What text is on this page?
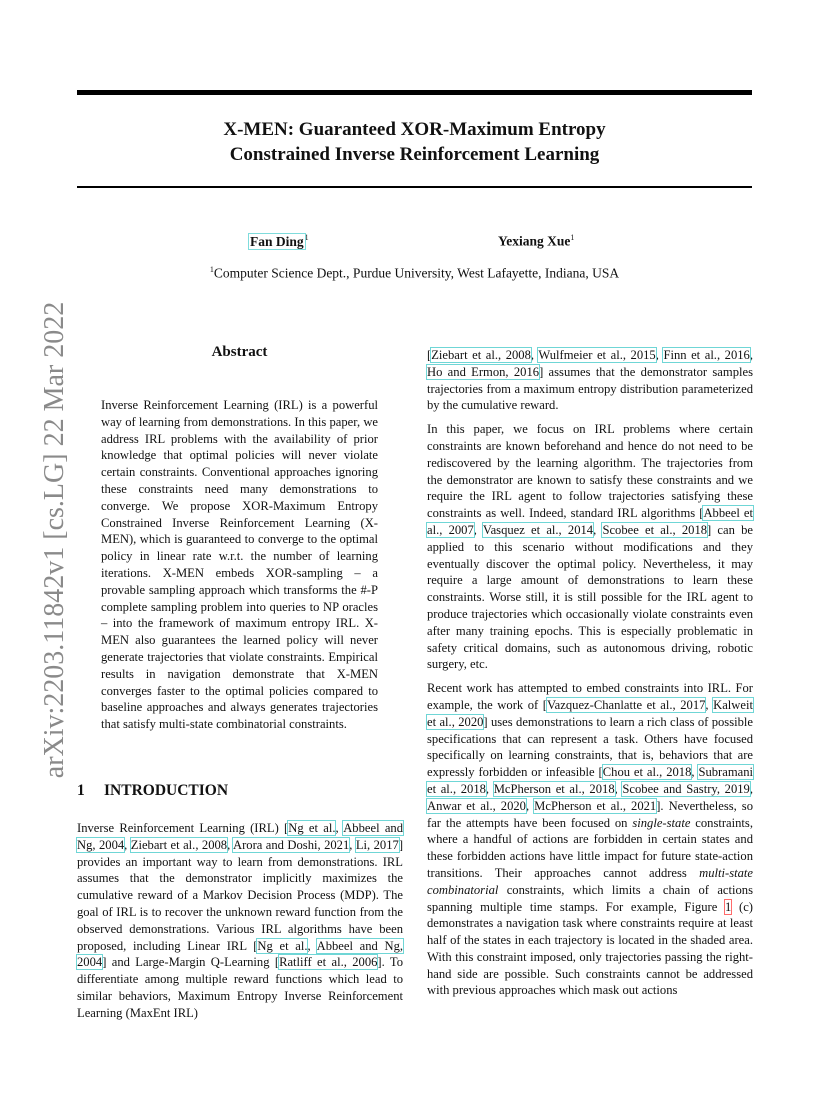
X-MEN: Guaranteed XOR-Maximum Entropy
Constrained Inverse Reinforcement Learning
Fan Ding$^1$	Yexiang Xue$^1$
$^1$Computer Science Dept., Purdue University, West Lafayette, Indiana, USA
arXiv:2203.11842v1 [cs.LG] 22 Mar 2022	Abstract
Inverse Reinforcement Learning (IRL) is a powerful way of learning from demonstrations. In this paper, we address IRL problems with the availability of prior knowledge that optimal policies will never violate certain constraints. Conventional approaches ignoring these constraints need many demonstrations to converge. We propose XOR-Maximum Entropy Constrained Inverse Reinforcement Learning (X-MEN), which is guaranteed to converge to the optimal policy in linear rate w.r.t. the number of learning iterations. X-MEN embeds XOR-sampling – a provable sampling approach which transforms the #-P complete sampling problem into queries to NP oracles – into the framework of maximum entropy IRL. X-MEN also guarantees the learned policy will never generate trajectories that violate constraints. Empirical results in navigation demonstrate that X-MEN converges faster to the optimal policies compared to baseline approaches and always generates trajectories that satisfy multi-state combinatorial constraints.
1 INTRODUCTION

Inverse Reinforcement Learning (IRL) [Ng et al., Abbeel and Ng, 2004, Ziebart et al., 2008, Arora and Doshi, 2021, Li, 2017] provides an important way to learn from demonstrations. IRL assumes that the demonstrator implicitly maximizes the cumulative reward of a Markov Decision Process (MDP). The goal of IRL is to recover the unknown reward function from the observed demonstrations. Various IRL algorithms have been proposed, including Linear IRL [Ng et al., Abbeel and Ng, 2004] and Large-Margin Q-Learning [Ratliff et al., 2006]. To differentiate among multiple reward functions which lead to similar behaviors, Maximum Entropy Inverse Reinforcement Learning (MaxEnt IRL)

[Ziebart et al., 2008, Wulfmeier et al., 2015, Finn et al., 2016, Ho and Ermon, 2016] assumes that the demonstrator samples trajectories from a maximum entropy distribution parameterized by the cumulative reward.

In this paper, we focus on IRL problems where certain constraints are known beforehand and hence do not need to be rediscovered by the learning algorithm. The trajectories from the demonstrator are known to satisfy these constraints and we require the IRL agent to follow trajectories satisfying these constraints as well. Indeed, standard IRL algorithms [Abbeel et al., 2007, Vasquez et al., 2014, Scobee et al., 2018] can be applied to this scenario without modifications and they eventually discover the optimal policy. Nevertheless, it may require a large amount of demonstrations to learn these constraints. Worse still, it is still possible for the IRL agent to produce trajectories which occasionally violate constraints even after many training epochs. This is especially problematic in safety critical domains, such as autonomous driving, robotic surgery, etc.

Recent work has attempted to embed constraints into IRL. For example, the work of [Vazquez-Chanlatte et al., 2017, Kalweit et al., 2020] uses demonstrations to learn a rich class of possible specifications that can represent a task. Others have focused specifically on learning constraints, that is, behaviors that are expressly forbidden or infeasible [Chou et al., 2018, Subramani et al., 2018, McPherson et al., 2018, Scobee and Sastry, 2019, Anwar et al., 2020, McPherson et al., 2021]. Nevertheless, so far the attempts have been focused on single-state constraints, where a handful of actions are forbidden in certain states and these forbidden actions have little impact for future state-action transitions. Their approaches cannot address multi-state combinatorial constraints, which limits a chain of actions spanning multiple time stamps. For example, Figure 1 (c) demonstrates a navigation task where constraints require at least half of the states in each trajectory is located in the shaded area. With this constraint imposed, only trajectories passing the right-hand side are possible. Such constraints cannot be addressed with previous approaches which mask out actions
